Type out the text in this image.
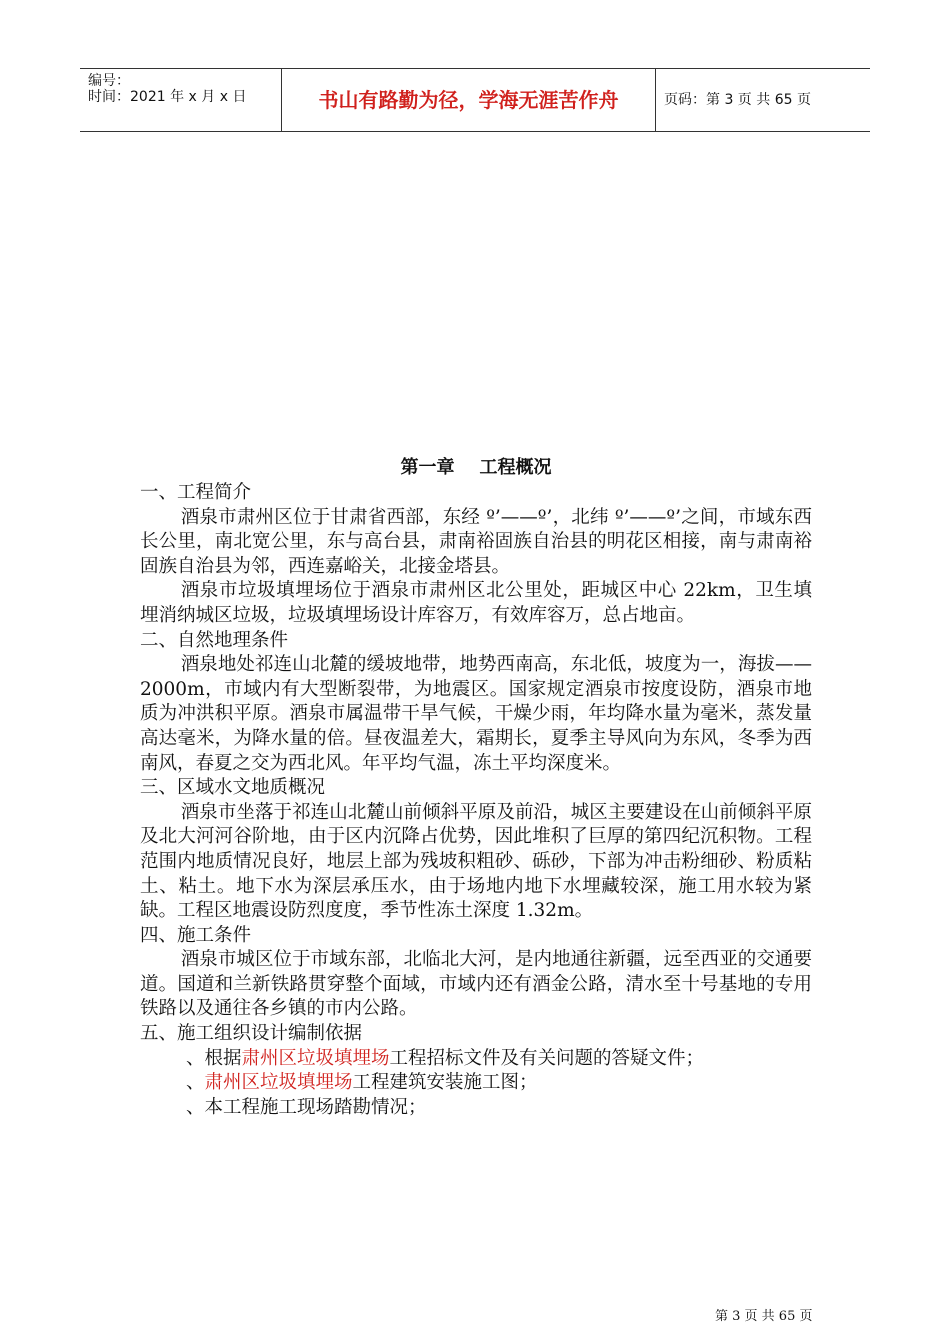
编号：
时间：2021 年 x 月 x 日	书山有路勤为径，学海无涯苦作舟	页码：第 3 页 共 65 页

第一章    工程概况

一、工程简介

酒泉市肃州区位于甘肃省西部，东经 º’——º’，北纬 º’——º’之间，市域东西长公里，南北宽公里，东与高台县，肃南裕固族自治县的明花区相接，南与肃南裕固族自治县为邻，西连嘉峪关，北接金塔县。

酒泉市垃圾填埋场位于酒泉市肃州区北公里处，距城区中心 22km，卫生填埋消纳城区垃圾，垃圾填埋场设计库容万，有效库容万，总占地亩。

二、自然地理条件

酒泉地处祁连山北麓的缓坡地带，地势西南高，东北低，坡度为一，海拔——2000m，市域内有大型断裂带，为地震区。国家规定酒泉市按度设防，酒泉市地质为冲洪积平原。酒泉市属温带干旱气候，干燥少雨，年均降水量为毫米，蒸发量高达毫米，为降水量的倍。昼夜温差大，霜期长，夏季主导风向为东风，冬季为西南风，春夏之交为西北风。年平均气温，冻土平均深度米。

三、区域水文地质概况

酒泉市坐落于祁连山北麓山前倾斜平原及前沿，城区主要建设在山前倾斜平原及北大河河谷阶地，由于区内沉降占优势，因此堆积了巨厚的第四纪沉积物。工程范围内地质情况良好，地层上部为残坡积粗砂、砾砂，下部为冲击粉细砂、粉质粘土、粘土。地下水为深层承压水，由于场地内地下水埋藏较深，施工用水较为紧缺。工程区地震设防烈度度，季节性冻土深度 1.32m。

四、施工条件

酒泉市城区位于市域东部，北临北大河，是内地通往新疆，远至西亚的交通要道。国道和兰新铁路贯穿整个面域，市域内还有酒金公路，清水至十号基地的专用铁路以及通往各乡镇的市内公路。

五、施工组织设计编制依据

、根据肃州区垃圾填埋场工程招标文件及有关问题的答疑文件；

、肃州区垃圾填埋场工程建筑安装施工图；

、本工程施工现场踏勘情况；

第 3 页 共 65 页
